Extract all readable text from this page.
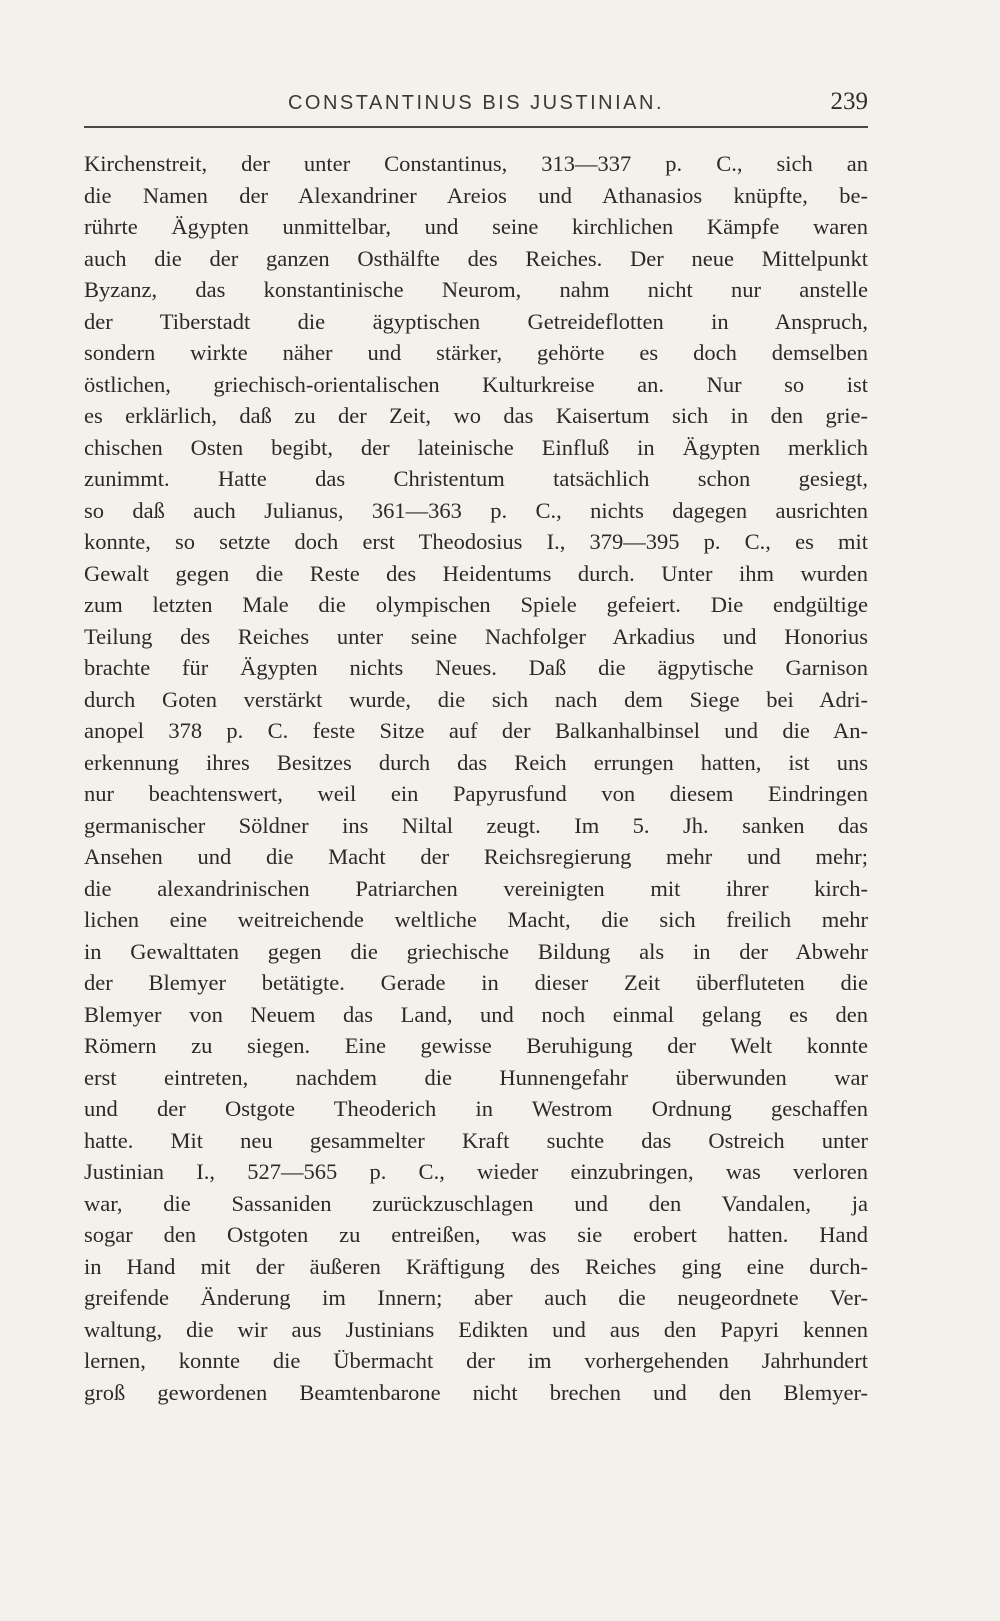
CONSTANTINUS BIS JUSTINIAN.	239
Kirchenstreit, der unter Constantinus, 313—337 p. C., sich an
die Namen der Alexandriner Areios und Athanasios knüpfte, be-
rührte Ägypten unmittelbar, und seine kirchlichen Kämpfe waren
auch die der ganzen Osthälfte des Reiches. Der neue Mittelpunkt
Byzanz, das konstantinische Neurom, nahm nicht nur anstelle
der Tiberstadt die ägyptischen Getreideflotten in Anspruch,
sondern wirkte näher und stärker, gehörte es doch demselben
östlichen, griechisch-orientalischen Kulturkreise an. Nur so ist
es erklärlich, daß zu der Zeit, wo das Kaisertum sich in den grie-
chischen Osten begibt, der lateinische Einfluß in Ägypten merklich
zunimmt. Hatte das Christentum tatsächlich schon gesiegt,
so daß auch Julianus, 361—363 p. C., nichts dagegen ausrichten
konnte, so setzte doch erst Theodosius I., 379—395 p. C., es mit
Gewalt gegen die Reste des Heidentums durch. Unter ihm wurden
zum letzten Male die olympischen Spiele gefeiert. Die endgültige
Teilung des Reiches unter seine Nachfolger Arkadius und Honorius
brachte für Ägypten nichts Neues. Daß die ägpytische Garnison
durch Goten verstärkt wurde, die sich nach dem Siege bei Adri-
anopel 378 p. C. feste Sitze auf der Balkanhalbinsel und die An-
erkennung ihres Besitzes durch das Reich errungen hatten, ist uns
nur beachtenswert, weil ein Papyrusfund von diesem Eindringen
germanischer Söldner ins Niltal zeugt. Im 5. Jh. sanken das
Ansehen und die Macht der Reichsregierung mehr und mehr;
die alexandrinischen Patriarchen vereinigten mit ihrer kirch-
lichen eine weitreichende weltliche Macht, die sich freilich mehr
in Gewalttaten gegen die griechische Bildung als in der Abwehr
der Blemyer betätigte. Gerade in dieser Zeit überfluteten die
Blemyer von Neuem das Land, und noch einmal gelang es den
Römern zu siegen. Eine gewisse Beruhigung der Welt konnte
erst eintreten, nachdem die Hunnengefahr überwunden war
und der Ostgote Theoderich in Westrom Ordnung geschaffen
hatte. Mit neu gesammelter Kraft suchte das Ostreich unter
Justinian I., 527—565 p. C., wieder einzubringen, was verloren
war, die Sassaniden zurückzuschlagen und den Vandalen, ja
sogar den Ostgoten zu entreißen, was sie erobert hatten. Hand
in Hand mit der äußeren Kräftigung des Reiches ging eine durch-
greifende Änderung im Innern; aber auch die neugeordnete Ver-
waltung, die wir aus Justinians Edikten und aus den Papyri kennen
lernen, konnte die Übermacht der im vorhergehenden Jahrhundert
groß gewordenen Beamtenbarone nicht brechen und den Blemyer-
